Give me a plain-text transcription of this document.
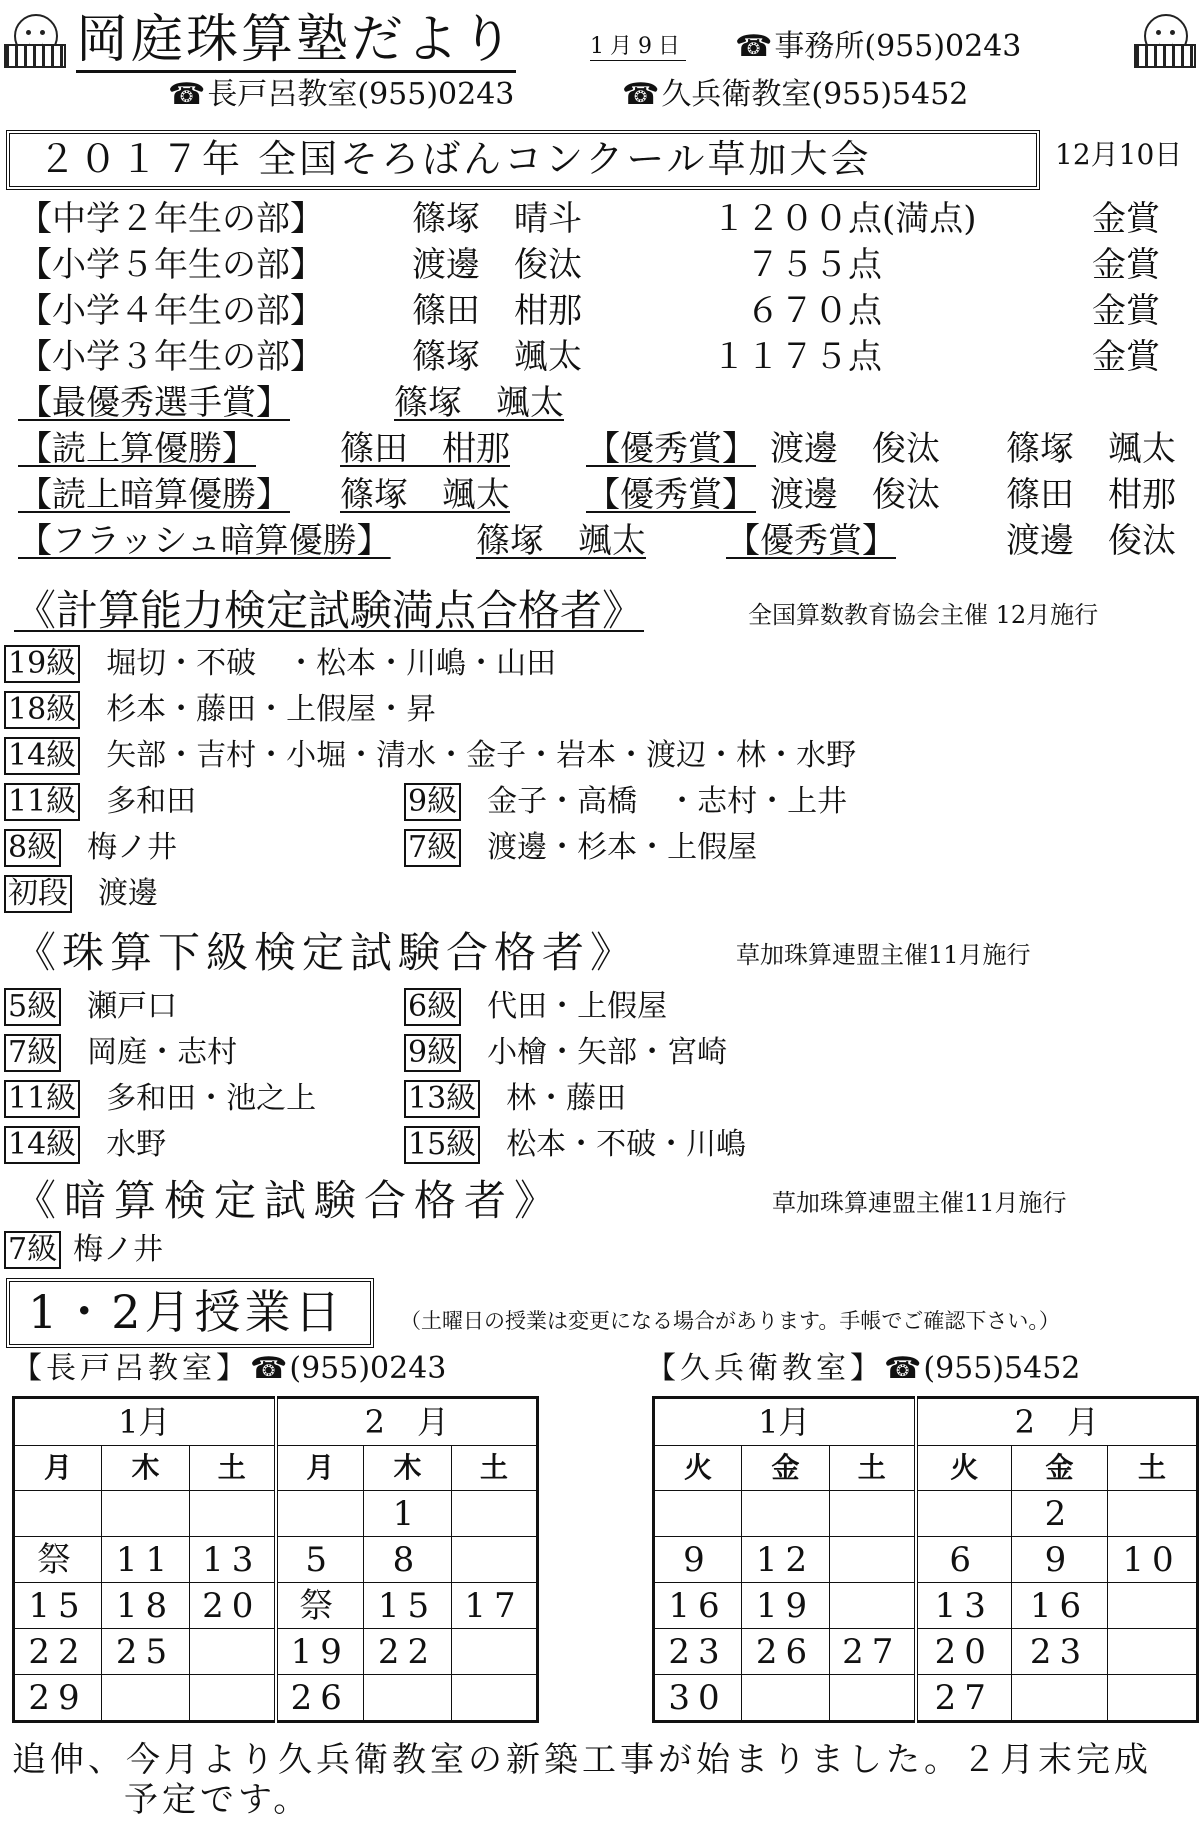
岡庭珠算塾だより	1月9日 ☎事務所(955)0243
☎長戸呂教室(955)0243	☎久兵衛教室(955)5452
２０１７年 全国そろばんコンクール草加大会	12月10日
【中学２年生の部】	篠塚　晴斗	１２００点(満点)	金賞
【小学５年生の部】	渡邊　俊汰	７５５点	金賞
【小学４年生の部】	篠田　柑那	６７０点	金賞
【小学３年生の部】	篠塚　颯太	１１７５点	金賞
【最優秀選手賞】	篠塚　颯太
【読上算優勝】 篠田　柑那 【優秀賞】 渡邊　俊汰 篠塚　颯太
【読上暗算優勝】 篠塚　颯太 【優秀賞】 渡邊　俊汰 篠田　柑那
【フラッシュ暗算優勝】	篠塚　颯太 【優秀賞】	渡邊　俊汰
《計算能力検定試験満点合格者》	全国算数教育協会主催 12月施行
19級 堀切・不破　・松本・川嶋・山田
18級 杉本・藤田・上假屋・昇
14級 矢部・吉村・小堀・清水・金子・岩本・渡辺・林・水野
11級 多和田	9級 金子・高橋　・志村・上井
8級 梅ノ井	7級 渡邊・杉本・上假屋
初段 渡邊
《珠算下級検定試験合格者》	草加珠算連盟主催11月施行
5級 瀬戸口	6級 代田・上假屋
7級 岡庭・志村	9級 小檜・矢部・宮崎
11級 多和田・池之上	13級 林・藤田
14級 水野	15級 松本・不破・川嶋
《暗算検定試験合格者》	草加珠算連盟主催11月施行
7級 梅ノ井
1・2月授業日	（土曜日の授業は変更になる場合があります。手帳でご確認下さい。）
【長戸呂教室】☎(955)0243	【久兵衛教室】☎(955)5452
1月			2　月		
月	木	土	月	木	土
				1	
祭	11	13	5	8	
15	18	20	祭	15	17
22	25		19	22	
29			26		
1月			2　月		
火	金	土	火	金	土
				2	
9	12		6	9	10
16	19		13	16	
23	26	27	20	23	
30			27		
追伸、今月より久兵衛教室の新築工事が始まりました。２月末完成
予定です。
